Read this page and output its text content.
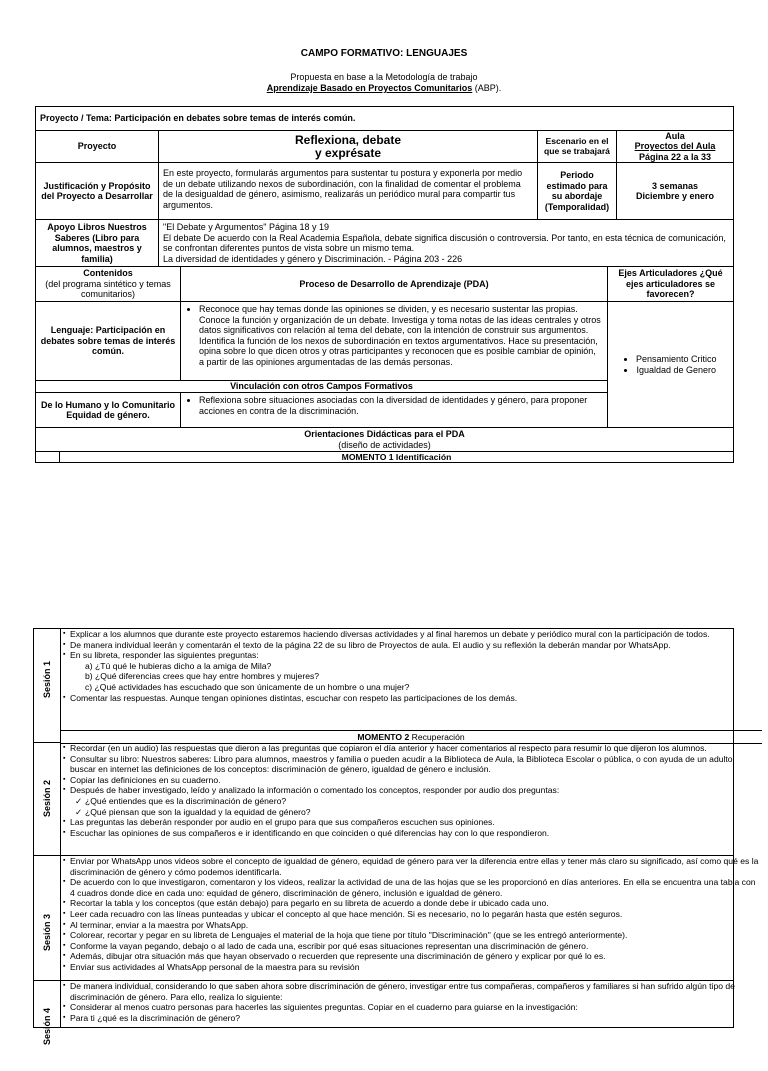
CAMPO FORMATIVO: LENGUAJES
Propuesta en base a la Metodología de trabajo
Aprendizaje Basado en Proyectos Comunitarios (ABP).
Proyecto / Tema: Participación en debates sobre temas de interés común.
Proyecto	Reflexiona, debate
y exprésate
Escenario en el que se trabajará
Aula
Proyectos del Aula
Página 22 a la 33
Justificación y Propósito del Proyecto a Desarrollar
En este proyecto, formularás argumentos para sustentar tu postura y exponerla por medio de un debate utilizando nexos de subordinación, con la finalidad de comentar el problema de la desigualdad de género, asimismo, realizarás un periódico mural para compartir tus argumentos.
Periodo estimado para su abordaje (Temporalidad)
3 semanas
Diciembre y enero
Apoyo Libros Nuestros Saberes (Libro para alumnos, maestros y familia)
"El Debate y Argumentos" Página 18 y 19
El debate De acuerdo con la Real Academia Española, debate significa discusión o controversia. Por tanto, en esta técnica de comunicación, se confrontan diferentes puntos de vista sobre un mismo tema.
La diversidad de identidades y género y Discriminación. - Página 203 - 226
Contenidos
(del programa sintético y temas comunitarios)
Proceso de Desarrollo de Aprendizaje (PDA)
Ejes Articuladores ¿Qué ejes articuladores se favorecen?
Lenguaje: Participación en debates sobre temas de interés común.
• Reconoce que hay temas donde las opiniones se dividen, y es necesario sustentar las propias. Conoce la función y organización de un debate. Investiga y toma notas de las ideas centrales y otros datos significativos con relación al tema del debate, con la intención de construir sus argumentos. Identifica la función de los nexos de subordinación en textos argumentativos. Hace su presentación, opina sobre lo que dicen otros y otras participantes y reconocen que es posible cambiar de opinión, a partir de las opiniones argumentadas de las demás personas.
•	Pensamiento Critico
• Igualdad de Genero
Vinculación con otros Campos Formativos
De lo Humano y lo Comunitario Equidad de género.
• Reflexiona sobre situaciones asociadas con la diversidad de identidades y género, para proponer acciones en contra de la discriminación.
Orientaciones Didácticas para el PDA
(diseño de actividades)
MOMENTO 1 Identificación
Sesión 1
▪ Explicar a los alumnos que durante este proyecto estaremos haciendo diversas actividades y al final haremos un debate y periódico mural con la participación de todos.
▪ De manera individual leerán y comentarán el texto de la página 22 de su libro de Proyectos de aula. El audio y su reflexión la deberán mandar por WhatsApp.
▪ En su libreta, responder las siguientes preguntas:
a) ¿Tú qué le hubieras dicho a la amiga de Mila?
b) ¿Qué diferencias crees que hay entre hombres y mujeres?
c) ¿Qué actividades has escuchado que son únicamente de un hombre o una mujer?
▪ Comentar las respuestas. Aunque tengan opiniones distintas, escuchar con respeto las participaciones de los demás.
MOMENTO 2 Recuperación
Sesión 2
▪ Recordar (en un audio) las respuestas que dieron a las preguntas que copiaron el día anterior y hacer comentarios al respecto para resumir lo que dijeron los alumnos.
▪ Consultar su libro: Nuestros saberes: Libro para alumnos, maestros y familia o pueden acudir a la Biblioteca de Aula, la Biblioteca Escolar o pública, o con ayuda de un adulto buscar en internet las definiciones de los conceptos: discriminación de género, igualdad de género e inclusión.
▪ Copiar las definiciones en su cuaderno.
▪ Después de haber investigado, leído y analizado la información o comentado los conceptos, responder por audio dos preguntas:
✓ ¿Qué entiendes que es la discriminación de género?
✓ ¿Qué piensan que son la igualdad y la equidad de género?
▪ Las preguntas las deberán responder por audio en el grupo para que sus compañeros escuchen sus opiniones.
▪ Escuchar las opiniones de sus compañeros e ir identificando en que coinciden o qué diferencias hay con lo que respondieron.
Sesión 3
▪ Enviar por WhatsApp unos videos sobre el concepto de igualdad de género, equidad de género para ver la diferencia entre ellas y tener más claro su significado, así como qué es la discriminación de género y cómo podemos identificarla.
▪ De acuerdo con lo que investigaron, comentaron y los videos, realizar la actividad de una de las hojas que se les proporcionó en días anteriores. En ella se encuentra una tabla con 4 cuadros donde dice en cada uno: equidad de género, discriminación de género, inclusión e igualdad de género.
▪ Recortar la tabla y los conceptos (que están debajo) para pegarlo en su libreta de acuerdo a donde debe ir ubicado cada uno.
▪ Leer cada recuadro con las líneas punteadas y ubicar el concepto al que hace mención. Si es necesario, no lo pegarán hasta que estén seguros.
▪ Al terminar, enviar a la maestra por WhatsApp.
▪ Colorear, recortar y pegar en su libreta de Lenguajes el material de la hoja que tiene por título "Discriminación" (que se les entregó anteriormente).
▪ Conforme la vayan pegando, debajo o al lado de cada una, escribir por qué esas situaciones representan una discriminación de género.
▪ Además, dibujar otra situación más que hayan observado o recuerden que represente una discriminación de género y explicar por qué lo es.
▪ Enviar sus actividades al WhatsApp personal de la maestra para su revisión
Sesión 4
▪ De manera individual, considerando lo que saben ahora sobre discriminación de género, investigar entre tus compañeras, compañeros y familiares si han sufrido algún tipo de discriminación de género. Para ello, realiza lo siguiente:
▪ Considerar al menos cuatro personas para hacerles las siguientes preguntas. Copiar en el cuaderno para guiarse en la investigación:
▪ Para ti ¿qué es la discriminación de género?
